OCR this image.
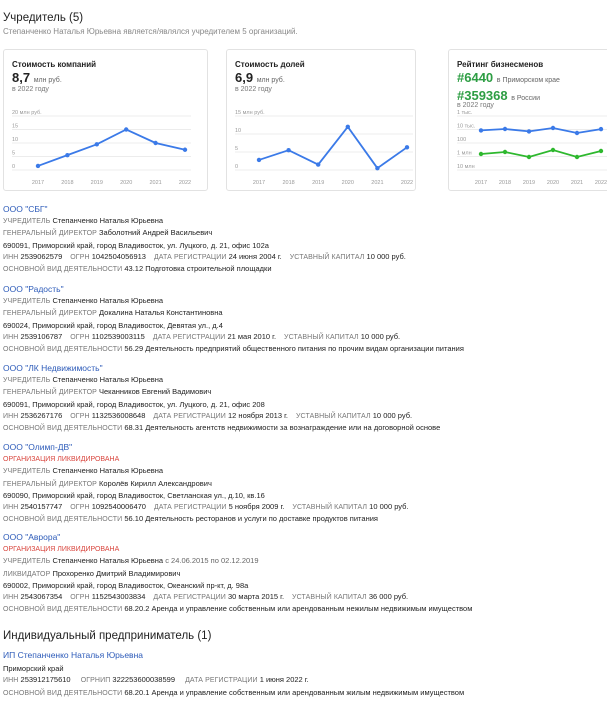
Учредитель (5)
Степанченко Наталья Юрьевна является/являлся учредителем 5 организаций.
Стоимость компаний
8,7 млн руб.
в 2022 году
20 млн руб.
15
10
5
0
2017	2018	2019	2020	2021	2022
Стоимость долей
6,9 млн руб.
в 2022 году
15 млн руб.
10
5
0
2017	2018	2019	2020	2021	2022
Рейтинг бизнесменов
#6440 в Приморском крае
#359368 в России
в 2022 году
1 тыс.
10 тыс.
100
1 млн
10 млн
2017 2018 2019 2020 2021 2022
ООО "СБГ"
УЧРЕДИТЕЛЬ Степанченко Наталья Юрьевна
ГЕНЕРАЛЬНЫЙ ДИРЕКТОР Заболотний Андрей Васильевич
690091, Приморский край, город Владивосток, ул. Луцкого, д. 21, офис 102а
ИНН 2539062579 ОГРН 1042504056913 ДАТА РЕГИСТРАЦИИ 24 июня 2004 г. УСТАВНЫЙ КАПИТАЛ 10 000 руб.
ОСНОВНОЙ ВИД ДЕЯТЕЛЬНОСТИ 43.12 Подготовка строительной площадки
ООО "Радость"
УЧРЕДИТЕЛЬ Степанченко Наталья Юрьевна
ГЕНЕРАЛЬНЫЙ ДИРЕКТОР Докалина Наталья Константиновна
690024, Приморский край, город Владивосток, Девятая ул., д.4
ИНН 2539106787 ОГРН 1102539003115 ДАТА РЕГИСТРАЦИИ 21 мая 2010 г. УСТАВНЫЙ КАПИТАЛ 10 000 руб.
ОСНОВНОЙ ВИД ДЕЯТЕЛЬНОСТИ 56.29 Деятельность предприятий общественного питания по прочим видам организации питания
ООО "ЛК Недвижимость"
УЧРЕДИТЕЛЬ Степанченко Наталья Юрьевна
ГЕНЕРАЛЬНЫЙ ДИРЕКТОР Чеканников Евгений Вадимович
690091, Приморский край, город Владивосток, ул. Луцкого, д. 21, офис 208
ИНН 2536267176 ОГРН 1132536008648 ДАТА РЕГИСТРАЦИИ 12 ноября 2013 г. УСТАВНЫЙ КАПИТАЛ 10 000 руб.
ОСНОВНОЙ ВИД ДЕЯТЕЛЬНОСТИ 68.31 Деятельность агентств недвижимости за вознаграждение или на договорной основе
ООО "Олимп-ДВ"
ОРГАНИЗАЦИЯ ЛИКВИДИРОВАНА
УЧРЕДИТЕЛЬ Степанченко Наталья Юрьевна
ГЕНЕРАЛЬНЫЙ ДИРЕКТОР Королёв Кирилл Александрович
690090, Приморский край, город Владивосток, Светланская ул., д.10, кв.16
ИНН 2540157747 ОГРН 1092540006470 ДАТА РЕГИСТРАЦИИ 5 ноября 2009 г. УСТАВНЫЙ КАПИТАЛ 10 000 руб.
ОСНОВНОЙ ВИД ДЕЯТЕЛЬНОСТИ 56.10 Деятельность ресторанов и услуги по доставке продуктов питания
ООО "Аврора"
ОРГАНИЗАЦИЯ ЛИКВИДИРОВАНА
УЧРЕДИТЕЛЬ Степанченко Наталья Юрьевна с 24.06.2015 по 02.12.2019
ЛИКВИДАТОР Прохоренко Дмитрий Владимирович
690002, Приморский край, город Владивосток, Океанский пр-кт, д. 98а
ИНН 2543067354 ОГРН 1152543003834 ДАТА РЕГИСТРАЦИИ 30 марта 2015 г. УСТАВНЫЙ КАПИТАЛ 36 000 руб.
ОСНОВНОЙ ВИД ДЕЯТЕЛЬНОСТИ 68.20.2 Аренда и управление собственным или арендованным нежилым недвижимым имуществом
Индивидуальный предприниматель (1)
ИП Степанченко Наталья Юрьевна
Приморский край
ИНН 253912175610 ОГРНИП 322253600038599 ДАТА РЕГИСТРАЦИИ 1 июня 2022 г.
ОСНОВНОЙ ВИД ДЕЯТЕЛЬНОСТИ 68.20.1 Аренда и управление собственным или арендованным жилым недвижимым имуществом
